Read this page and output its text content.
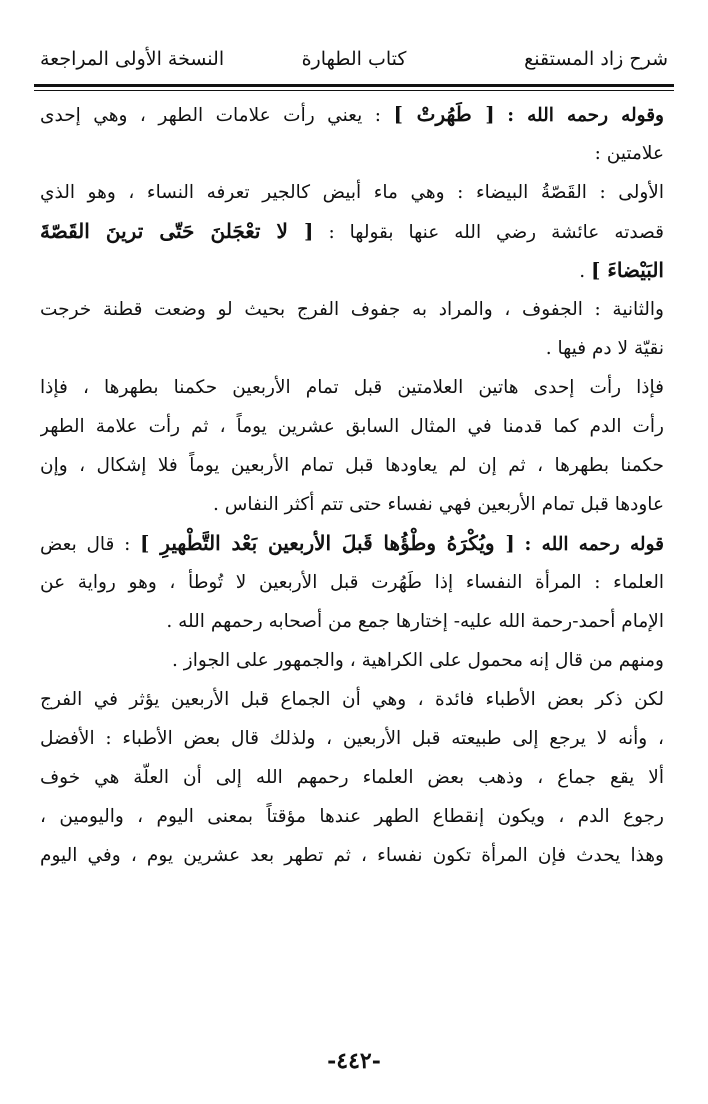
شرح زاد المستقنع
كتاب الطهارة
النسخة الأولى المراجعة
وقوله رحمه الله : [ طَهُرتْ ] : يعني رأت علامات الطهر ، وهي إحدى
علامتين :
الأولى : القَصّةُ البيضاء : وهي ماء أبيض كالجير تعرفه النساء ، وهو الذي
قصدته عائشة رضي الله عنها بقولها : [ لا تعْجَلنَ حَتّى ترينَ القَصّةَ
البَيْضاءَ ] .
والثانية : الجفوف ، والمراد به جفوف الفرج بحيث لو وضعت قطنة خرجت
نقيّة لا دم فيها .
فإذا رأت إحدى هاتين العلامتين قبل تمام الأربعين حكمنا بطهرها ، فإذا
رأت الدم كما قدمنا في المثال السابق عشرين يوماً ، ثم رأت علامة الطهر
حكمنا بطهرها ، ثم إن لم يعاودها قبل تمام الأربعين يوماً فلا إشكال ، وإن
عاودها قبل تمام الأربعين فهي نفساء حتى تتم أكثر النفاس .
قوله رحمه الله : [ ويُكْرَهُ وطْؤُها قَبلَ الأربعين بَعْد التَّطْهيرِ ] : قال بعض
العلماء : المرأة النفساء إذا طَهُرت قبل الأربعين لا تُوطأ ، وهو رواية عن
الإمام أحمد-رحمة الله عليه- إختارها جمع من أصحابه رحمهم الله .
ومنهم من قال إنه محمول على الكراهية ، والجمهور على الجواز .
لكن ذكر بعض الأطباء فائدة ، وهي أن الجماع قبل الأربعين يؤثر في الفرج
، وأنه لا يرجع إلى طبيعته قبل الأربعين ، ولذلك قال بعض الأطباء : الأفضل
ألا يقع جماع ، وذهب بعض العلماء رحمهم الله إلى أن العلّة هي خوف
رجوع الدم ، ويكون إنقطاع الطهر عندها مؤقتاً بمعنى اليوم ، واليومين ،
وهذا يحدث فإن المرأة تكون نفساء ، ثم تطهر بعد عشرين يوم ، وفي اليوم
-٤٤٢-
